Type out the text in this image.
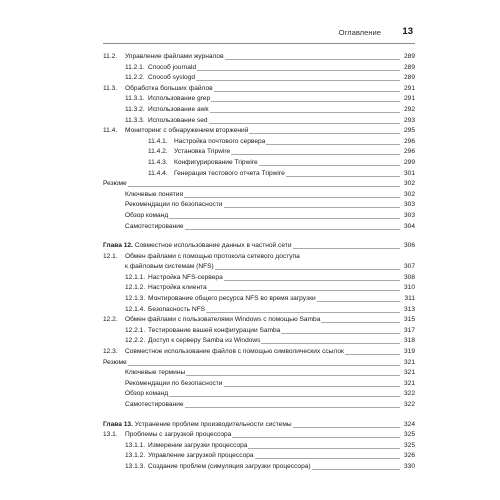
Оглавление 13
11.2.	Управление файлами журналов	289
11.2.1. Способ journald	289
11.2.2. Способ syslogd	289
11.3.	Обработка больших файлов	291
11.3.1. Использование grep	291
11.3.2. Использование awk	292
11.3.3. Использование sed	293
11.4.	Мониторинг с обнаружением вторжений	295
11.4.1. Настройка почтового сервера	296
11.4.2. Установка Tripwire	296
11.4.3. Конфигурирование Tripwire	299
11.4.4. Генерация тестового отчета Tripwire	301
Резюме	302
Ключевые понятия	302
Рекомендации по безопасности	303
Обзор команд	303
Самотестирование	304
Глава 12. Совместное использование данных в частной сети	306
12.1.	Обмен файлами с помощью протокола сетевого доступа
к файловым системам (NFS)	307
12.1.1. Настройка NFS-сервера	308
12.1.2. Настройка клиента	310
12.1.3. Монтирование общего ресурса NFS во время загрузки	311
12.1.4. Безопасность NFS	313
12.2.	Обмен файлами с пользователями Windows с помощью Samba	315
12.2.1. Тестирование вашей конфигурации Samba	317
12.2.2. Доступ к серверу Samba из Windows	318
12.3.	Совместное использование файлов с помощью символических ссылок	319
Резюме	321
Ключевые термины	321
Рекомендации по безопасности	321
Обзор команд	322
Самотестирование	322
Глава 13. Устранение проблем производительности системы	324
13.1.	Проблемы с загрузкой процессора	325
13.1.1. Измерение загрузки процессора	325
13.1.2. Управление загрузкой процессора	326
13.1.3. Создание проблем (симуляция загрузки процессора)	330
